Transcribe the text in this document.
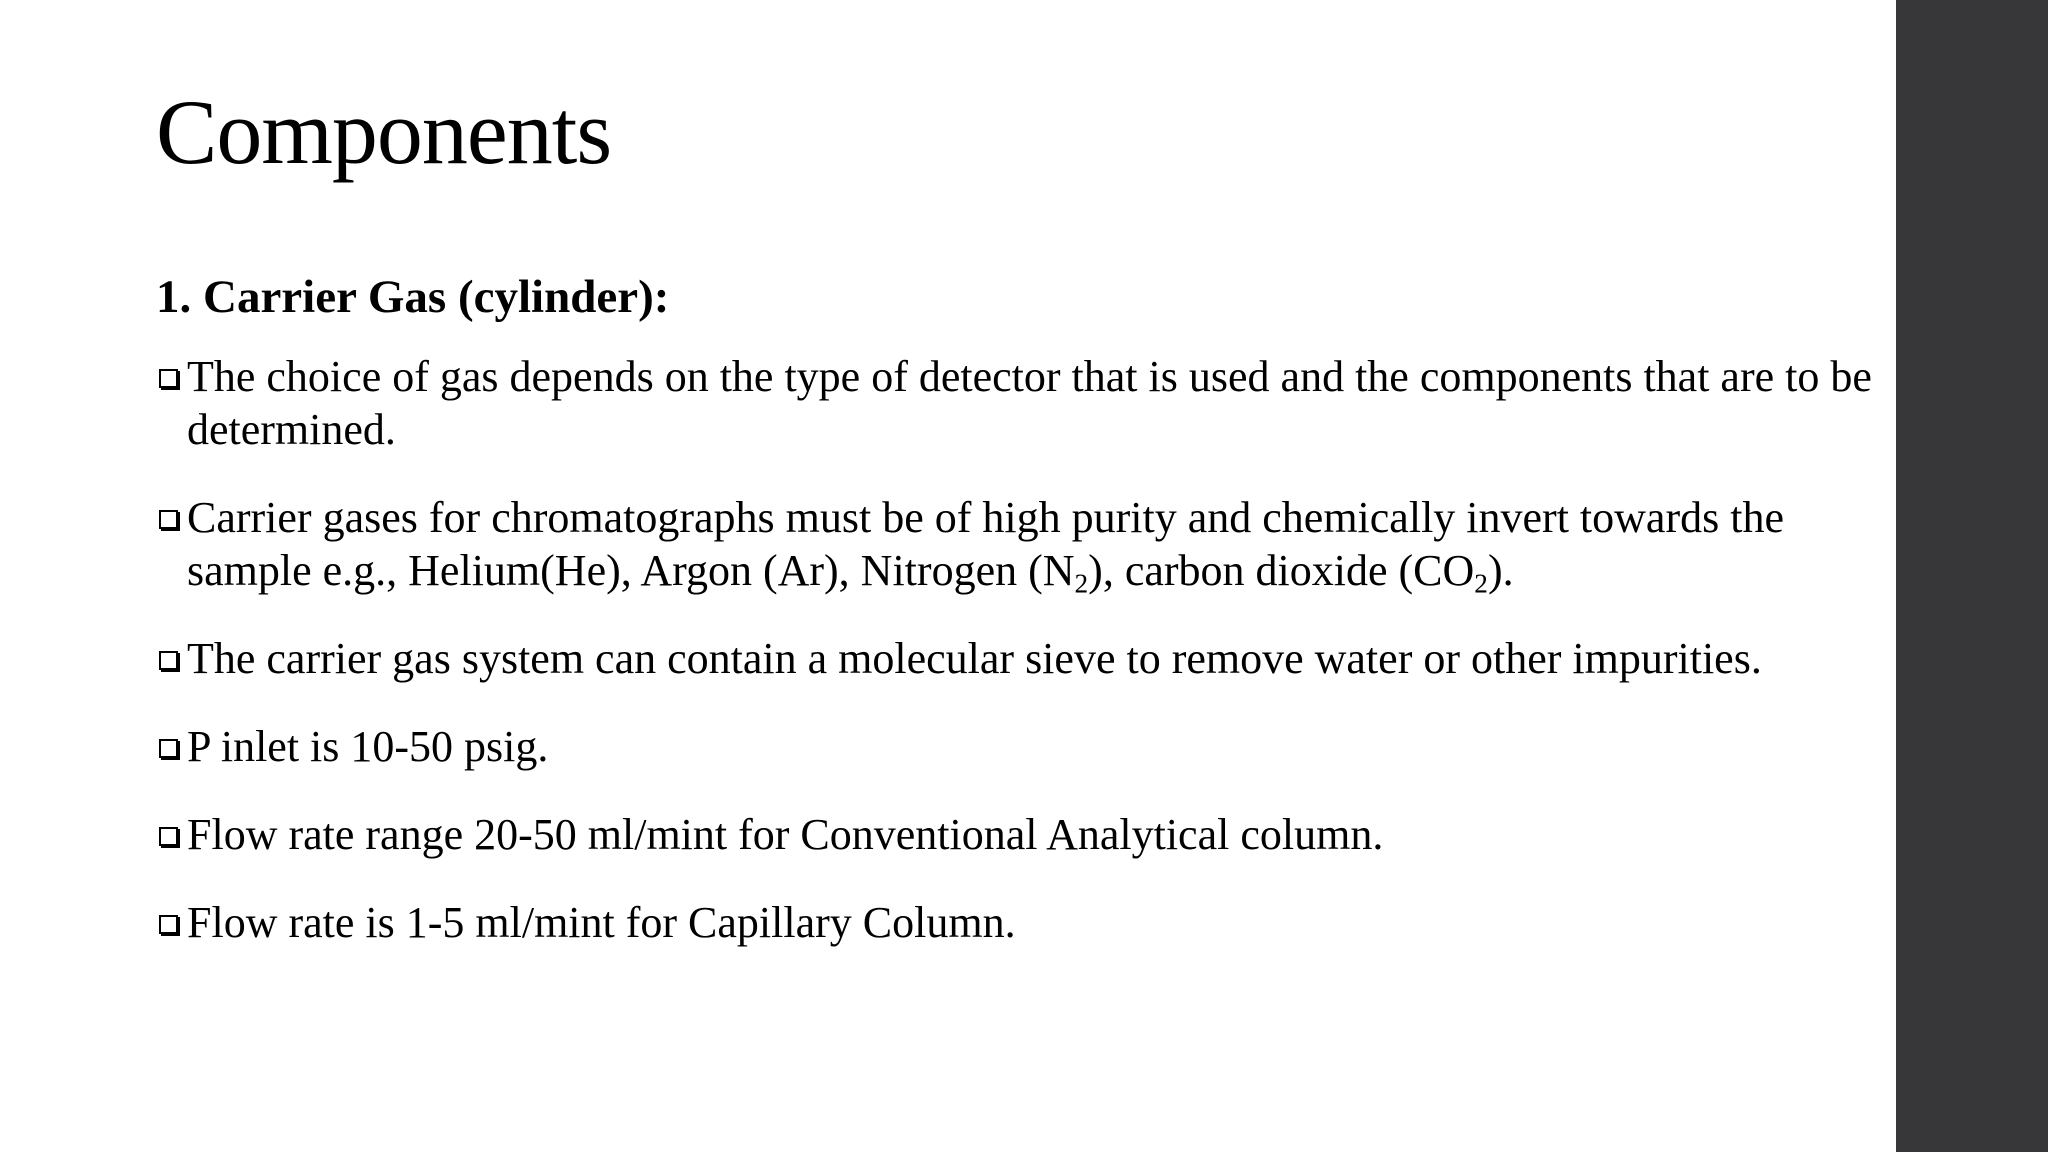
Components
1. Carrier Gas (cylinder):
The choice of gas depends on the type of detector that is used and the components that are to be determined.
Carrier gases for chromatographs must be of high purity and chemically invert towards the sample e.g., Helium(He), Argon (Ar), Nitrogen $(N_2)$, carbon dioxide $(CO_2)$.
The carrier gas system can contain a molecular sieve to remove water or other impurities.
P inlet is 10-50 psig.
Flow rate range 20-50 ml/mint for Conventional Analytical column.
Flow rate is 1-5 ml/mint for Capillary Column.
